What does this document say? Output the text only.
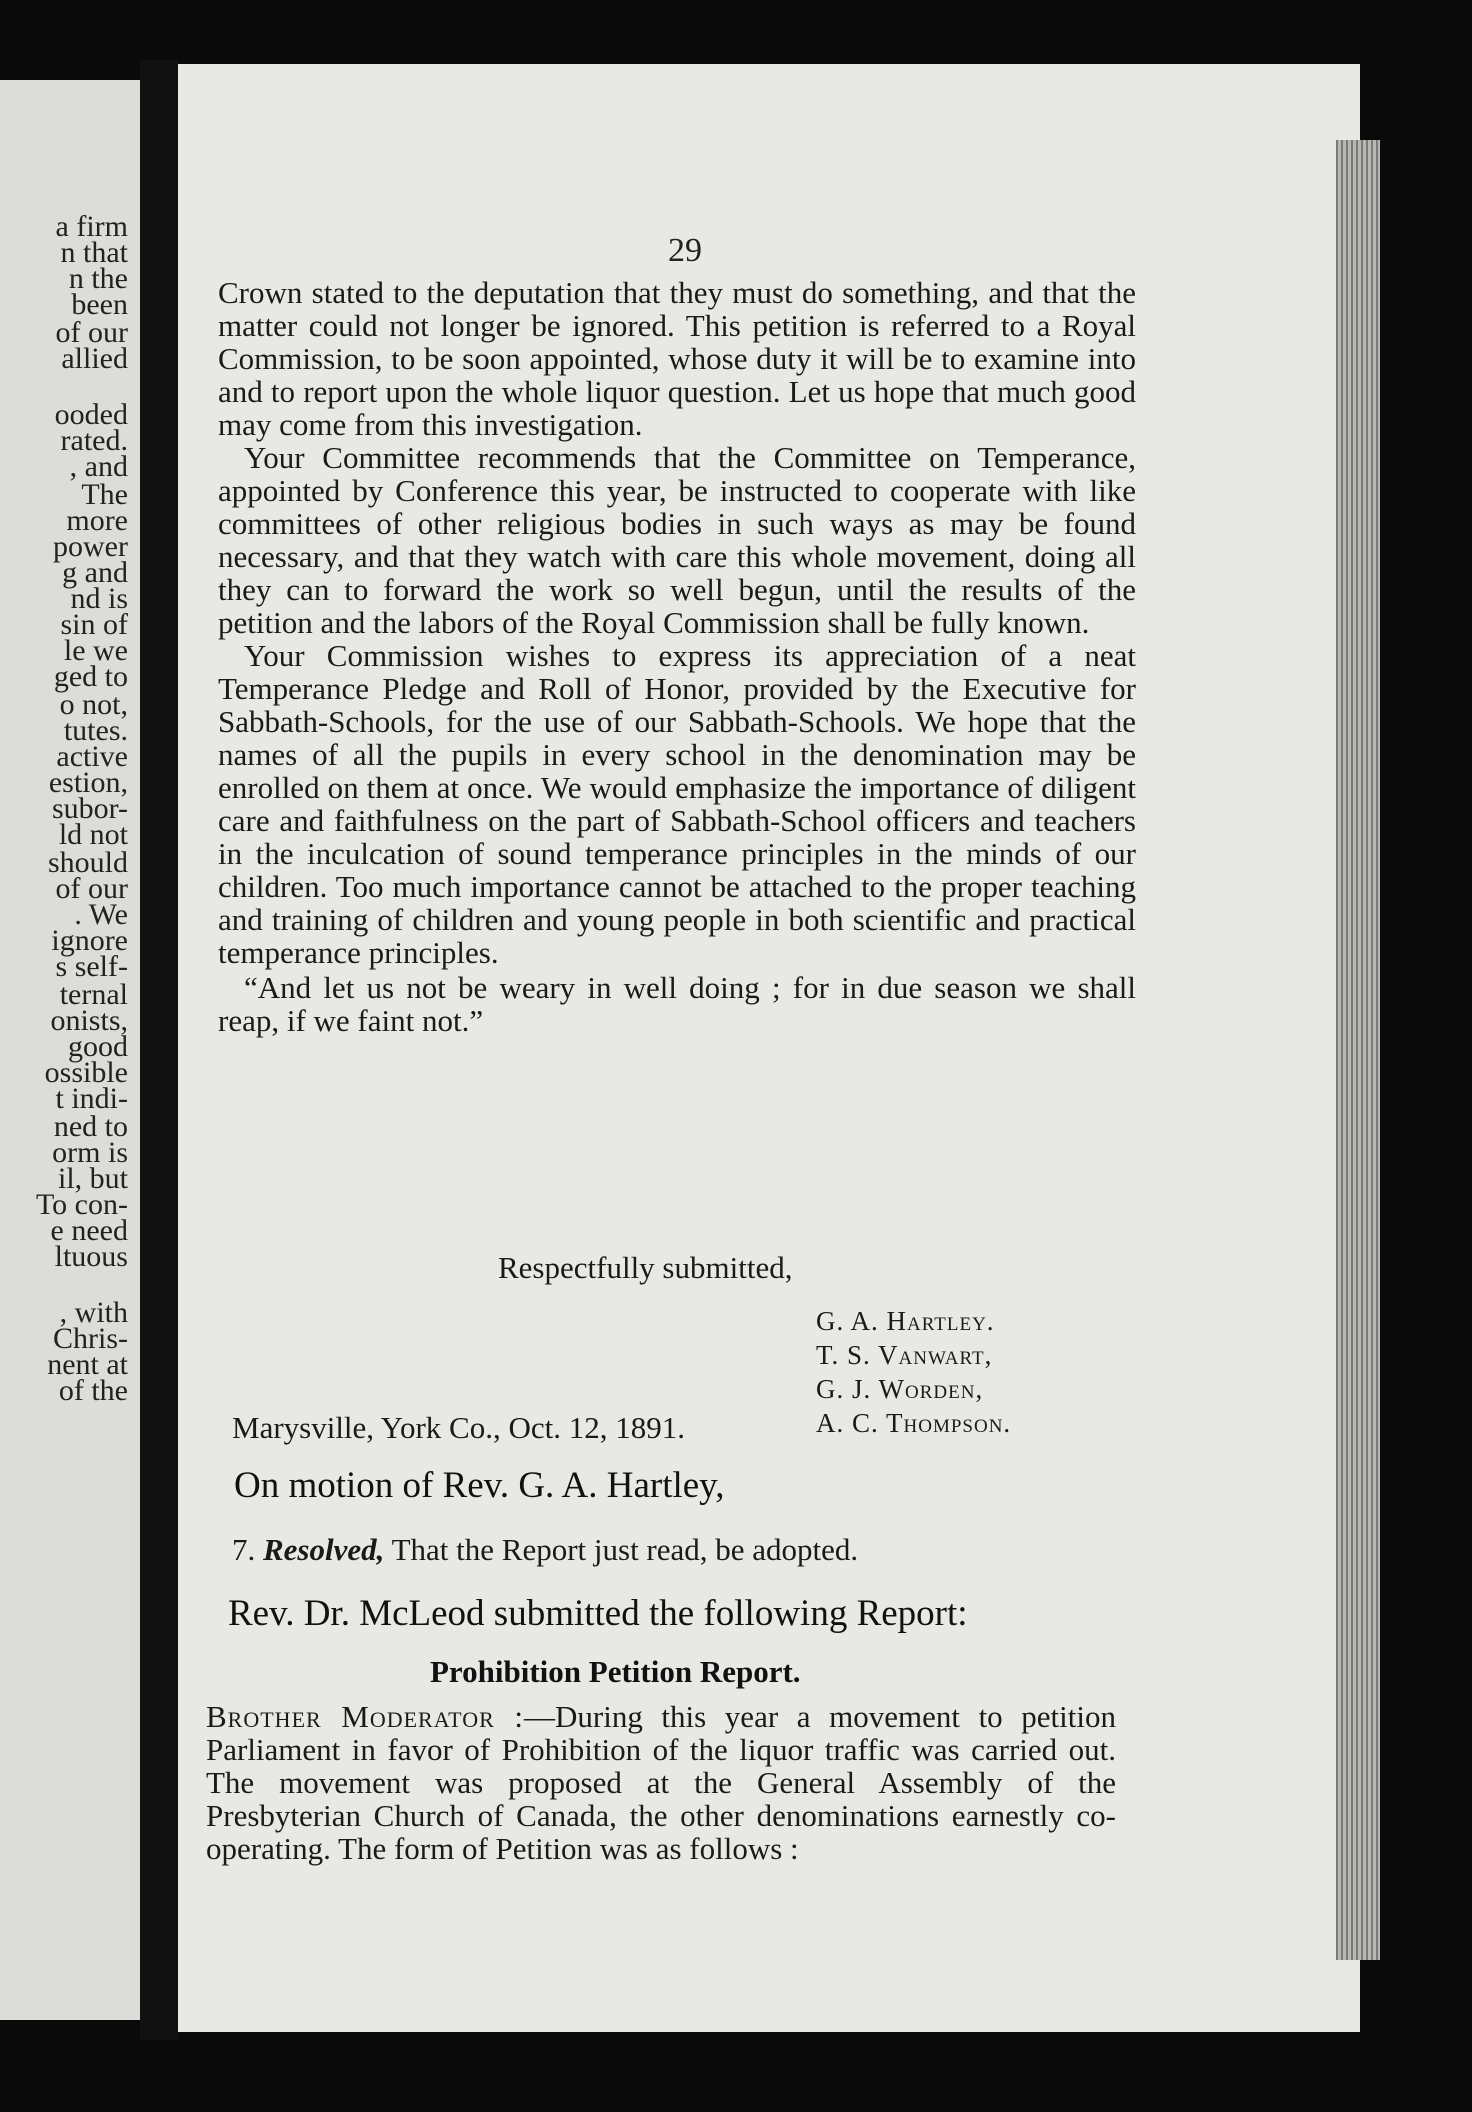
a firm
n that
n the
been
of our
allied
ooded
rated.
, and
The
more
power
g and
nd is
sin of
le we
ged to
o not,
tutes.
active
estion,
subor-
ld not
should
of our
. We
ignore
s self-
ternal
onists,
good
ossible
t indi-
ned to
orm is
il, but
To con-
e need
ltuous
, with
Chris-
nent at
of the
29

Crown stated to the deputation that they must do something, and that the matter could not longer be ignored. This petition is referred to a Royal Commission, to be soon appointed, whose duty it will be to examine into and to report upon the whole liquor question. Let us hope that much good may come from this investigation.

Your Committee recommends that the Committee on Temperance, appointed by Conference this year, be instructed to cooperate with like committees of other religious bodies in such ways as may be found necessary, and that they watch with care this whole movement, doing all they can to forward the work so well begun, until the results of the petition and the labors of the Royal Commission shall be fully known.

Your Commission wishes to express its appreciation of a neat Temperance Pledge and Roll of Honor, provided by the Executive for Sabbath-Schools, for the use of our Sabbath-Schools. We hope that the names of all the pupils in every school in the denomination may be enrolled on them at once. We would emphasize the importance of diligent care and faithfulness on the part of Sabbath-School officers and teachers in the inculcation of sound temperance principles in the minds of our children. Too much importance cannot be attached to the proper teaching and training of children and young people in both scientific and practical temperance principles.

“And let us not be weary in well doing ; for in due season we shall reap, if we faint not.”

Respectfully submitted,
G. A. Hartley.
T. S. Vanwart,
G. J. Worden,
A. C. Thompson.
Marysville, York Co., Oct. 12, 1891.
On motion of Rev. G. A. Hartley,
7. Resolved, That the Report just read, be adopted.
Rev. Dr. McLeod submitted the following Report:
Prohibition Petition Report.
Brother Moderator :—During this year a movement to petition Parliament in favor of Prohibition of the liquor traffic was carried out. The movement was proposed at the General Assembly of the Presbyterian Church of Canada, the other denominations earnestly co-operating. The form of Petition was as follows :
